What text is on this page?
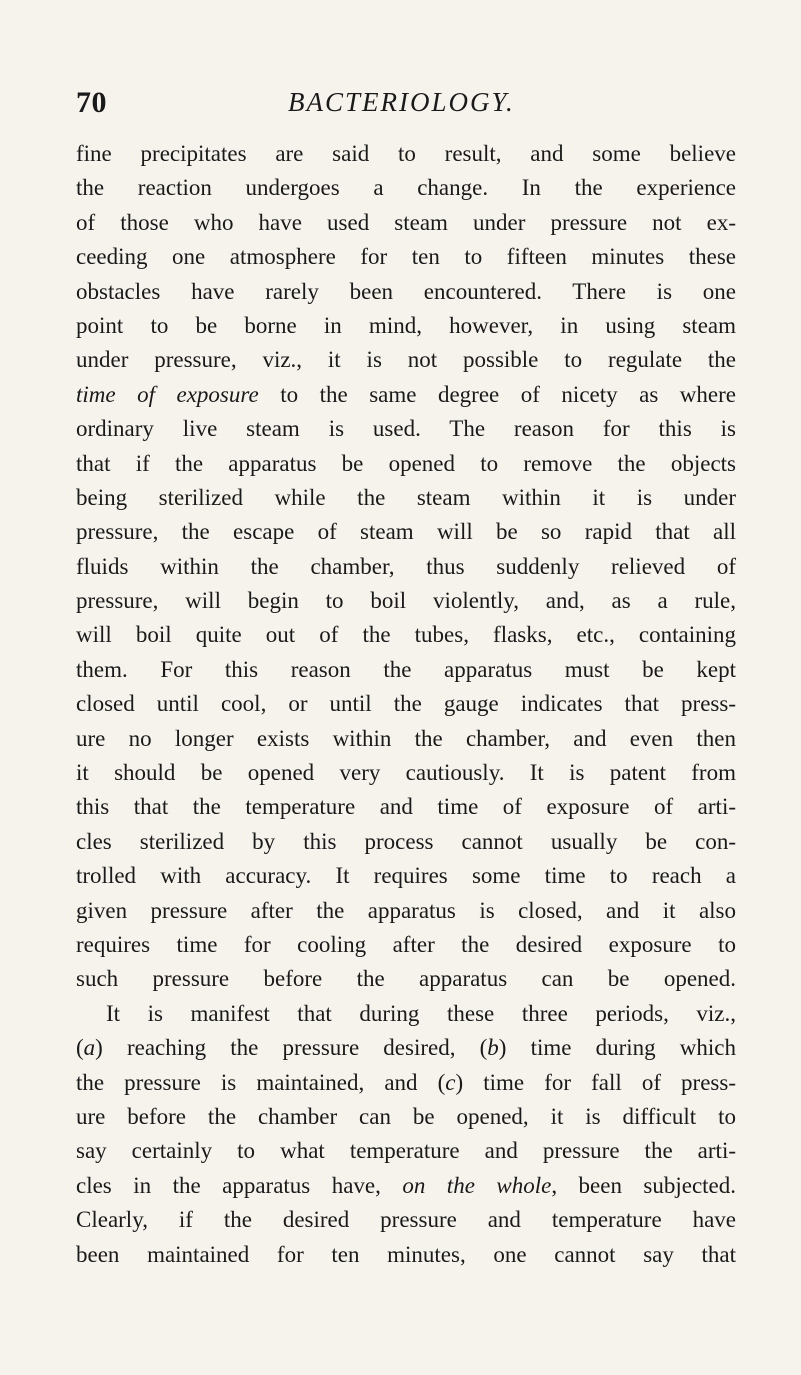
70	BACTERIOLOGY.
fine precipitates are said to result, and some believe
the reaction undergoes a change. In the experience
of those who have used steam under pressure not ex-
ceeding one atmosphere for ten to fifteen minutes these
obstacles have rarely been encountered. There is one
point to be borne in mind, however, in using steam
under pressure, viz., it is not possible to regulate the
time of exposure to the same degree of nicety as where
ordinary live steam is used. The reason for this is
that if the apparatus be opened to remove the objects
being sterilized while the steam within it is under
pressure, the escape of steam will be so rapid that all
fluids within the chamber, thus suddenly relieved of
pressure, will begin to boil violently, and, as a rule,
will boil quite out of the tubes, flasks, etc., containing
them. For this reason the apparatus must be kept
closed until cool, or until the gauge indicates that press-
ure no longer exists within the chamber, and even then
it should be opened very cautiously. It is patent from
this that the temperature and time of exposure of arti-
cles sterilized by this process cannot usually be con-
trolled with accuracy. It requires some time to reach a
given pressure after the apparatus is closed, and it also
requires time for cooling after the desired exposure to
such pressure before the apparatus can be opened.
It is manifest that during these three periods, viz.,
(a) reaching the pressure desired, (b) time during which
the pressure is maintained, and (c) time for fall of press-
ure before the chamber can be opened, it is difficult to
say certainly to what temperature and pressure the arti-
cles in the apparatus have, on the whole, been subjected.
Clearly, if the desired pressure and temperature have
been maintained for ten minutes, one cannot say that
